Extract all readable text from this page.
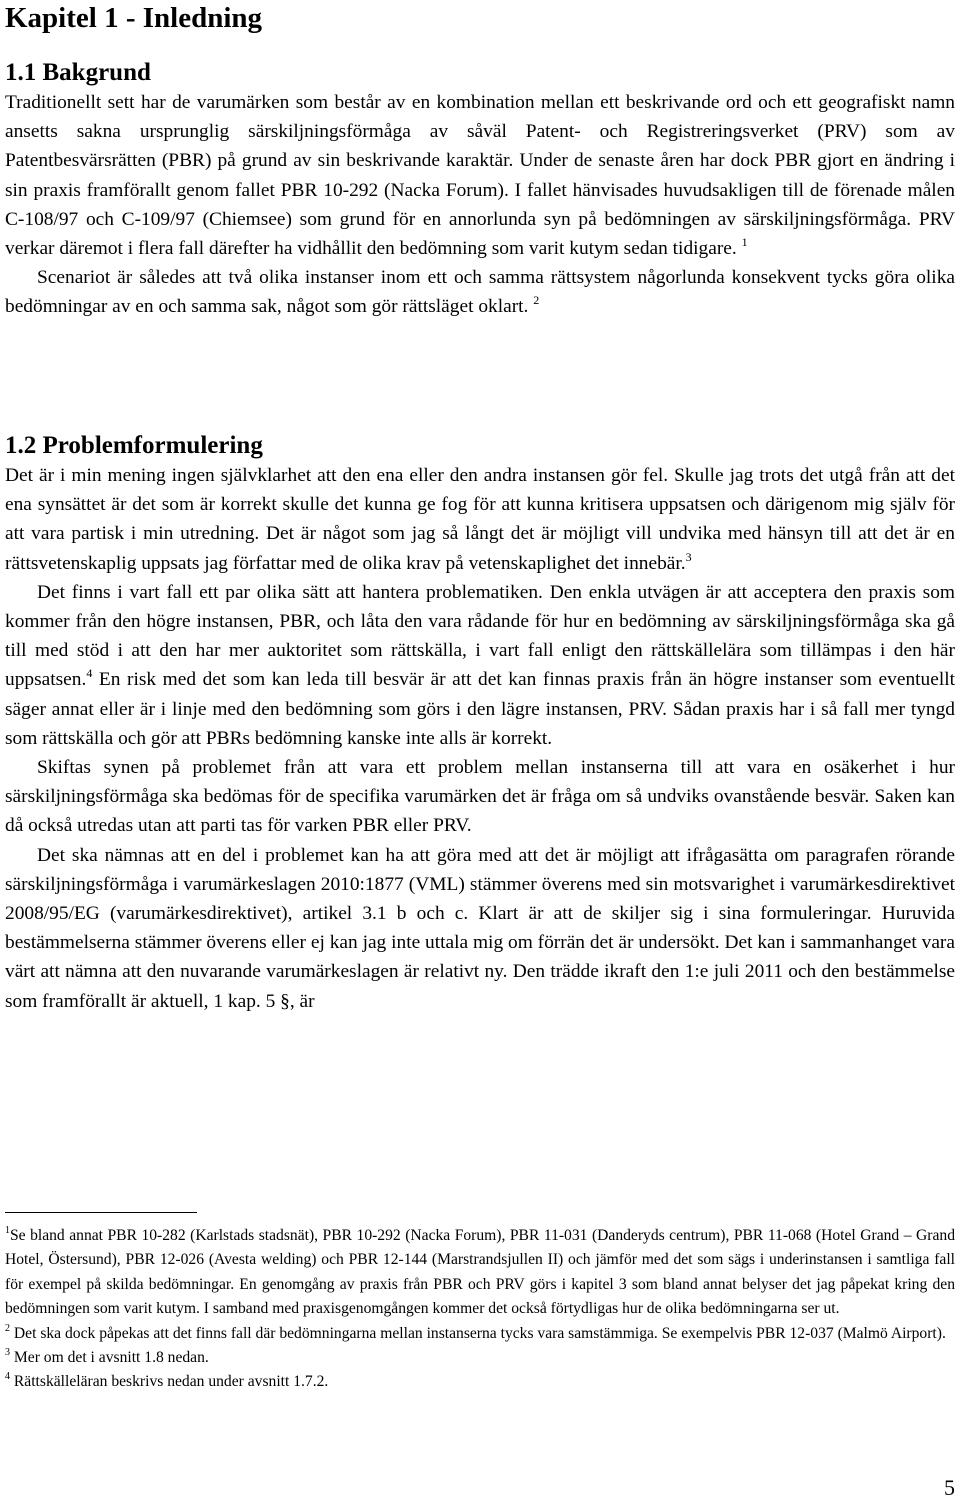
Kapitel 1 - Inledning
1.1 Bakgrund

Traditionellt sett har de varumärken som består av en kombination mellan ett beskrivande ord och ett geografiskt namn ansetts sakna ursprunglig särskiljningsförmåga av såväl Patent- och Registreringsverket (PRV) som av Patentbesvärsrätten (PBR) på grund av sin beskrivande karaktär. Under de senaste åren har dock PBR gjort en ändring i sin praxis framförallt genom fallet PBR 10-292 (Nacka Forum). I fallet hänvisades huvudsakligen till de förenade målen C-108/97 och C-109/97 (Chiemsee) som grund för en annorlunda syn på bedömningen av särskiljningsförmåga. PRV verkar däremot i flera fall därefter ha vidhållit den bedömning som varit kutym sedan tidigare. $^1$

Scenariot är således att två olika instanser inom ett och samma rättsystem någorlunda konsekvent tycks göra olika bedömningar av en och samma sak, något som gör rättsläget oklart. $^2$

1.2 Problemformulering

Det är i min mening ingen självklarhet att den ena eller den andra instansen gör fel. Skulle jag trots det utgå från att det ena synsättet är det som är korrekt skulle det kunna ge fog för att kunna kritisera uppsatsen och därigenom mig själv för att vara partisk i min utredning. Det är något som jag så långt det är möjligt vill undvika med hänsyn till att det är en rättsvetenskaplig uppsats jag författar med de olika krav på vetenskaplighet det innebär.$^3$

Det finns i vart fall ett par olika sätt att hantera problematiken. Den enkla utvägen är att acceptera den praxis som kommer från den högre instansen, PBR, och låta den vara rådande för hur en bedömning av särskiljningsförmåga ska gå till med stöd i att den har mer auktoritet som rättskälla, i vart fall enligt den rättskällelära som tillämpas i den här uppsatsen.$^4$ En risk med det som kan leda till besvär är att det kan finnas praxis från än högre instanser som eventuellt säger annat eller är i linje med den bedömning som görs i den lägre instansen, PRV. Sådan praxis har i så fall mer tyngd som rättskälla och gör att PBRs bedömning kanske inte alls är korrekt.

Skiftas synen på problemet från att vara ett problem mellan instanserna till att vara en osäkerhet i hur särskiljningsförmåga ska bedömas för de specifika varumärken det är fråga om så undviks ovanstående besvär. Saken kan då också utredas utan att parti tas för varken PBR eller PRV.

Det ska nämnas att en del i problemet kan ha att göra med att det är möjligt att ifrågasätta om paragrafen rörande särskiljningsförmåga i varumärkeslagen 2010:1877 (VML) stämmer överens med sin motsvarighet i varumärkesdirektivet 2008/95/EG (varumärkesdirektivet), artikel 3.1 b och c. Klart är att de skiljer sig i sina formuleringar. Huruvida bestämmelserna stämmer överens eller ej kan jag inte uttala mig om förrän det är undersökt. Det kan i sammanhanget vara värt att nämna att den nuvarande varumärkeslagen är relativt ny. Den trädde ikraft den 1:e juli 2011 och den bestämmelse som framförallt är aktuell, 1 kap. 5 §, är

$^1$Se bland annat PBR 10-282 (Karlstads stadsnät), PBR 10-292 (Nacka Forum), PBR 11-031 (Danderyds centrum), PBR 11-068 (Hotel Grand – Grand Hotel, Östersund), PBR 12-026 (Avesta welding) och PBR 12-144 (Marstrandsjullen II) och jämför med det som sägs i underinstansen i samtliga fall för exempel på skilda bedömningar. En genomgång av praxis från PBR och PRV görs i kapitel 3 som bland annat belyser det jag påpekat kring den bedömningen som varit kutym. I samband med praxisgenomgången kommer det också förtydligas hur de olika bedömningarna ser ut.

$^2$ Det ska dock påpekas att det finns fall där bedömningarna mellan instanserna tycks vara samstämmiga. Se exempelvis PBR 12-037 (Malmö Airport).

$^3$ Mer om det i avsnitt 1.8 nedan.

$^4$ Rättskälleläran beskrivs nedan under avsnitt 1.7.2.

5
